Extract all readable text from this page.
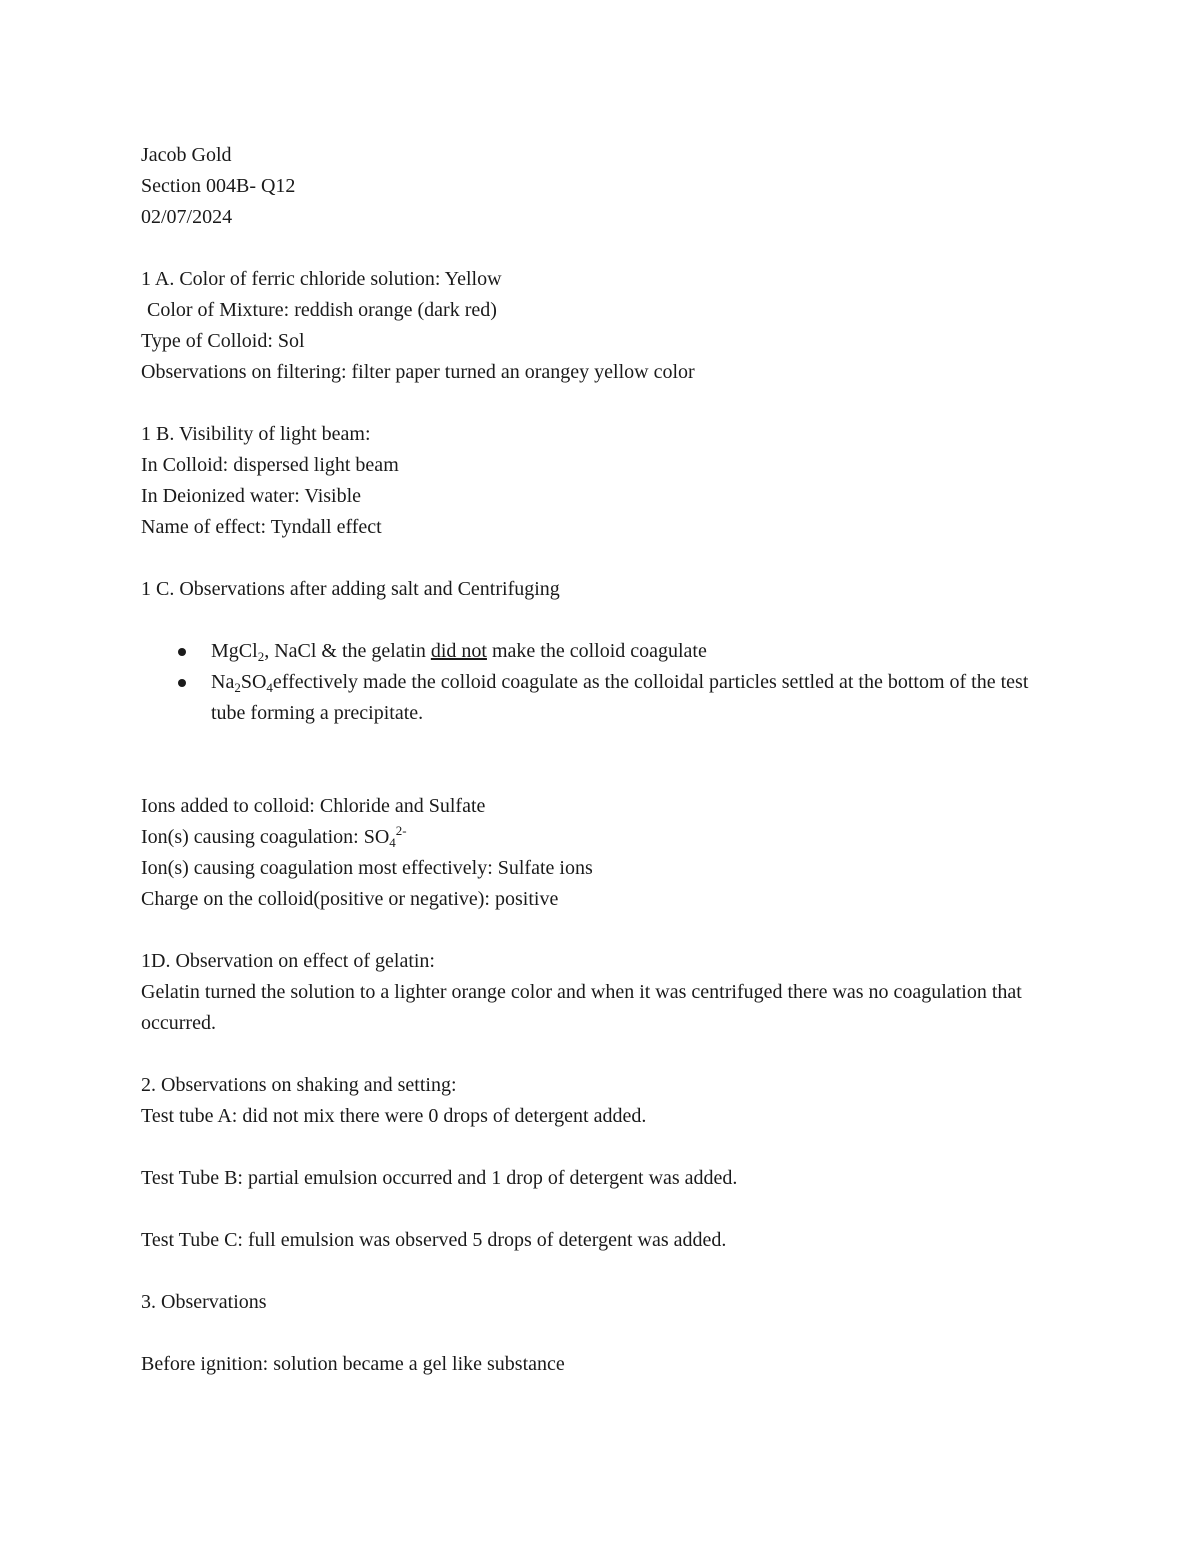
Jacob Gold
Section 004B- Q12
02/07/2024
1 A. Color of ferric chloride solution: Yellow
Color of Mixture: reddish orange (dark red)
Type of Colloid: Sol
Observations on filtering: filter paper turned an orangey yellow color
1 B. Visibility of light beam:
In Colloid: dispersed light beam
In Deionized water: Visible
Name of effect: Tyndall effect
1 C. Observations after adding salt and Centrifuging
MgCl$_2$, NaCl & the gelatin did not make the colloid coagulate
$Na_2SO_4effectively$ made the colloid coagulate as the colloidal particles settled at the bottom of the test tube forming a precipitate.
Ions added to colloid: Chloride and Sulfate
Ion(s) causing coagulation: $SO_4^{2-}$
Ion(s) causing coagulation most effectively: Sulfate ions
Charge on the colloid(positive or negative): positive
1D. Observation on effect of gelatin:
Gelatin turned the solution to a lighter orange color and when it was centrifuged there was no coagulation that occurred.
2. Observations on shaking and setting:
Test tube A: did not mix there were 0 drops of detergent added.
Test Tube B: partial emulsion occurred and 1 drop of detergent was added.
Test Tube C: full emulsion was observed 5 drops of detergent was added.
3. Observations
Before ignition: solution became a gel like substance
